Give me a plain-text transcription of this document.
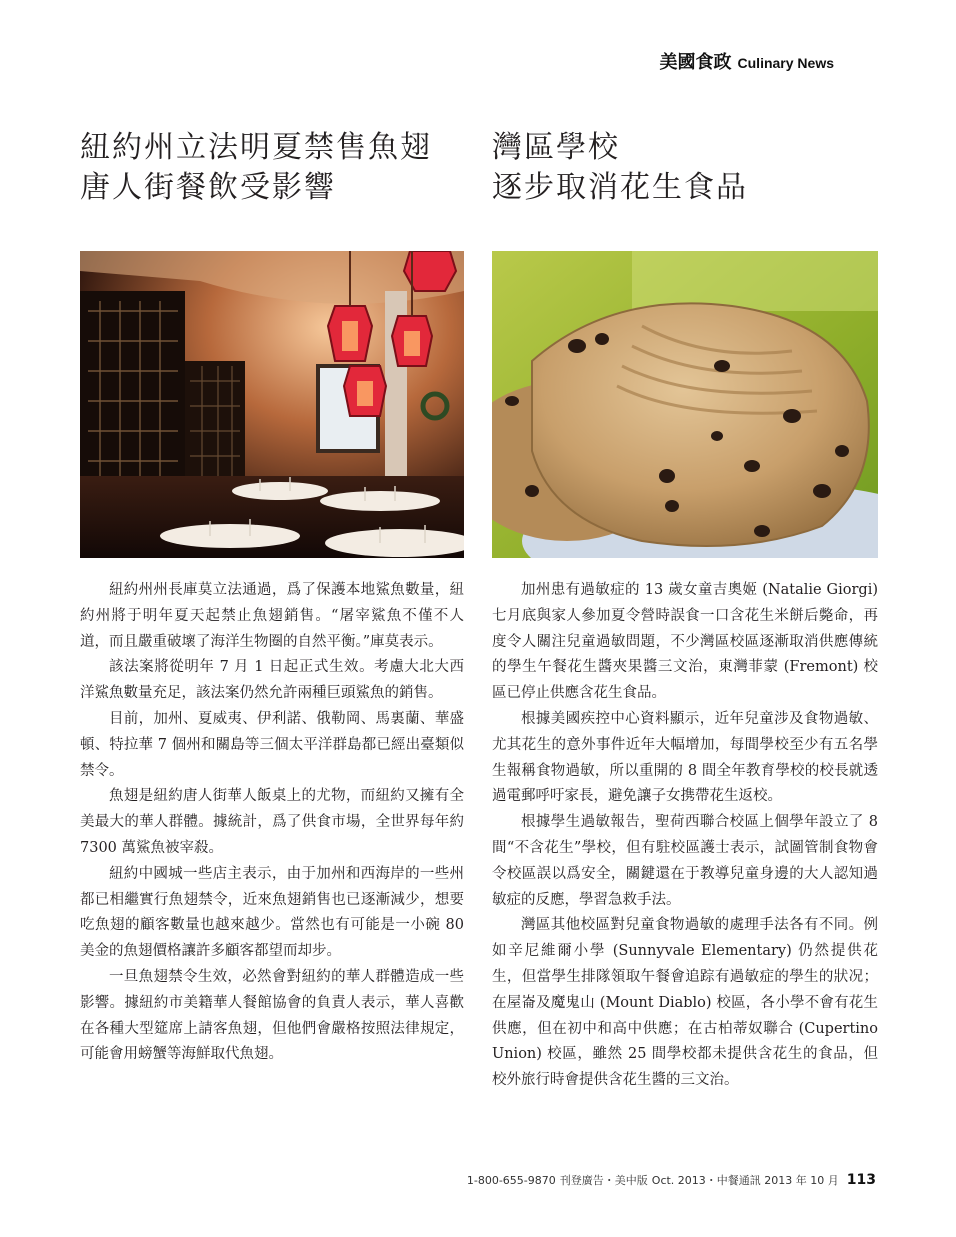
美國食政 Culinary News
紐約州立法明夏禁售魚翅
唐人街餐飲受影響

紐約州州長庫莫立法通過，爲了保護本地鯊魚數量，紐約州將于明年夏天起禁止魚翅銷售。“屠宰鯊魚不僅不人道，而且嚴重破壞了海洋生物圈的自然平衡。”庫莫表示。

該法案將從明年 7 月 1 日起正式生效。考慮大北大西洋鯊魚數量充足，該法案仍然允許兩種巨頭鯊魚的銷售。

目前，加州、夏威夷、伊利諾、俄勒岡、馬裏蘭、華盛頓、特拉華 7 個州和關島等三個太平洋群島都已經出臺類似禁令。

魚翅是紐約唐人街華人飯桌上的尤物，而紐約又擁有全美最大的華人群體。據統計，爲了供食市場，全世界每年約 7300 萬鯊魚被宰殺。

紐約中國城一些店主表示，由于加州和西海岸的一些州都已相繼實行魚翅禁令，近來魚翅銷售也已逐漸減少，想要吃魚翅的顧客數量也越來越少。當然也有可能是一小碗 80 美金的魚翅價格讓許多顧客都望而却步。

一旦魚翅禁令生效，必然會對紐約的華人群體造成一些影響。據紐約市美籍華人餐館協會的負責人表示，華人喜歡在各種大型筵席上請客魚翅，但他們會嚴格按照法律規定，可能會用螃蟹等海鮮取代魚翅。

灣區學校
逐步取消花生食品

加州患有過敏症的 13 歲女童吉奧姬 (Natalie Giorgi) 七月底與家人參加夏令營時誤食一口含花生米餅后斃命，再度令人關注兒童過敏問題，不少灣區校區逐漸取消供應傳統的學生午餐花生醬夾果醬三文治，東灣菲蒙 (Fremont) 校區已停止供應含花生食品。

根據美國疾控中心資料顯示，近年兒童涉及食物過敏、尤其花生的意外事件近年大幅增加，每間學校至少有五名學生報稱食物過敏，所以重開的 8 間全年教育學校的校長就透過電郵呼吁家長，避免讓子女携帶花生返校。

根據學生過敏報告，聖荷西聯合校區上個學年設立了 8 間“不含花生”學校，但有駐校區護士表示，試圖管制食物會令校區誤以爲安全，關鍵還在于教導兒童身邊的大人認知過敏症的反應，學習急救手法。

灣區其他校區對兒童食物過敏的處理手法各有不同。例如辛尼維爾小學 (Sunnyvale Elementary) 仍然提供花生，但當學生排隊領取午餐會追踪有過敏症的學生的狀况；在屋崙及魔鬼山 (Mount Diablo) 校區，各小學不會有花生供應，但在初中和高中供應；在古柏蒂奴聯合 (Cupertino Union) 校區，雖然 25 間學校都未提供含花生的食品，但校外旅行時會提供含花生醬的三文治。

1-800-655-9870 刊登廣告・美中版 Oct. 2013・中餐通訊 2013 年 10 月 113
